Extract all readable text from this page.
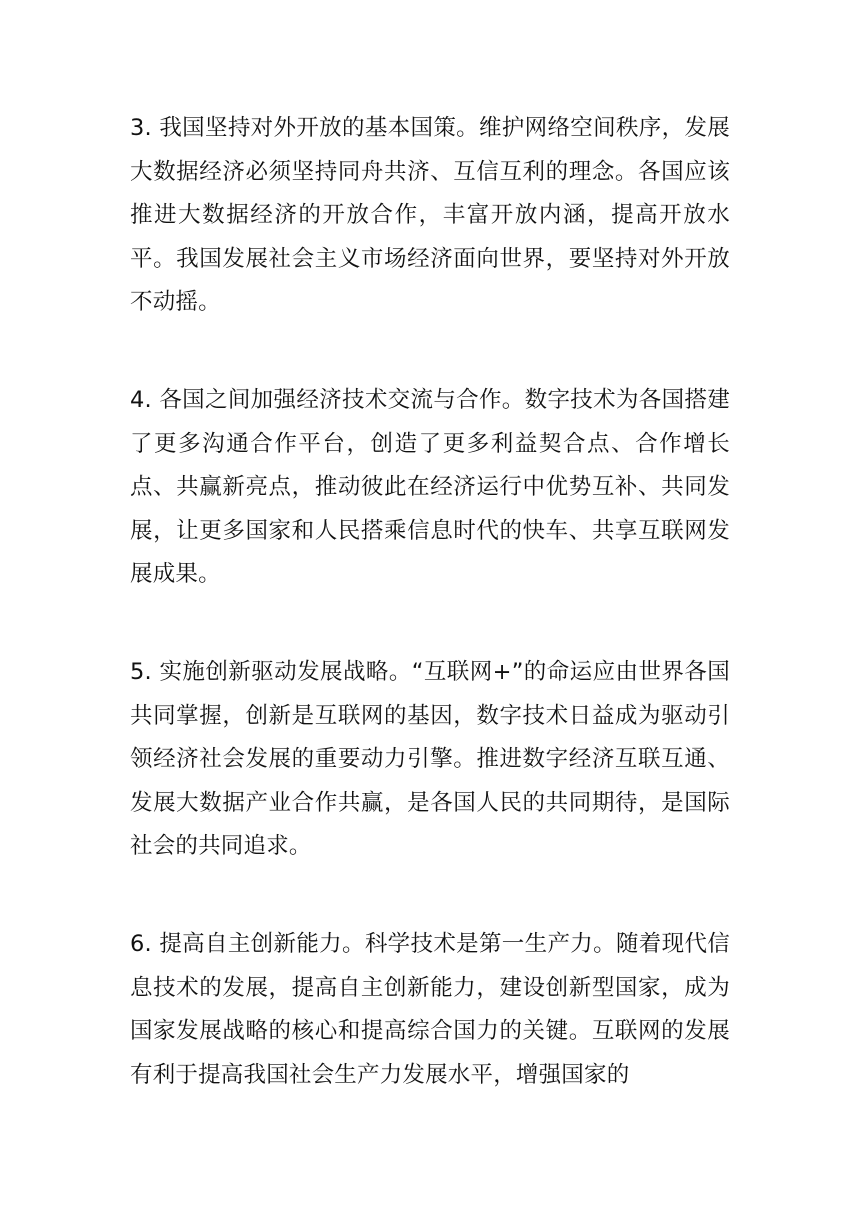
3. 我国坚持对外开放的基本国策。维护网络空间秩序，发展大数据经济必须坚持同舟共济、互信互利的理念。各国应该推进大数据经济的开放合作，丰富开放内涵，提高开放水平。我国发展社会主义市场经济面向世界，要坚持对外开放不动摇。

4. 各国之间加强经济技术交流与合作。数字技术为各国搭建了更多沟通合作平台，创造了更多利益契合点、合作增长点、共赢新亮点，推动彼此在经济运行中优势互补、共同发展，让更多国家和人民搭乘信息时代的快车、共享互联网发展成果。

5. 实施创新驱动发展战略。“互联网+”的命运应由世界各国共同掌握，创新是互联网的基因，数字技术日益成为驱动引领经济社会发展的重要动力引擎。推进数字经济互联互通、发展大数据产业合作共赢，是各国人民的共同期待，是国际社会的共同追求。

6. 提高自主创新能力。科学技术是第一生产力。随着现代信息技术的发展，提高自主创新能力，建设创新型国家，成为国家发展战略的核心和提高综合国力的关键。互联网的发展有利于提高我国社会生产力发展水平，增强国家的
